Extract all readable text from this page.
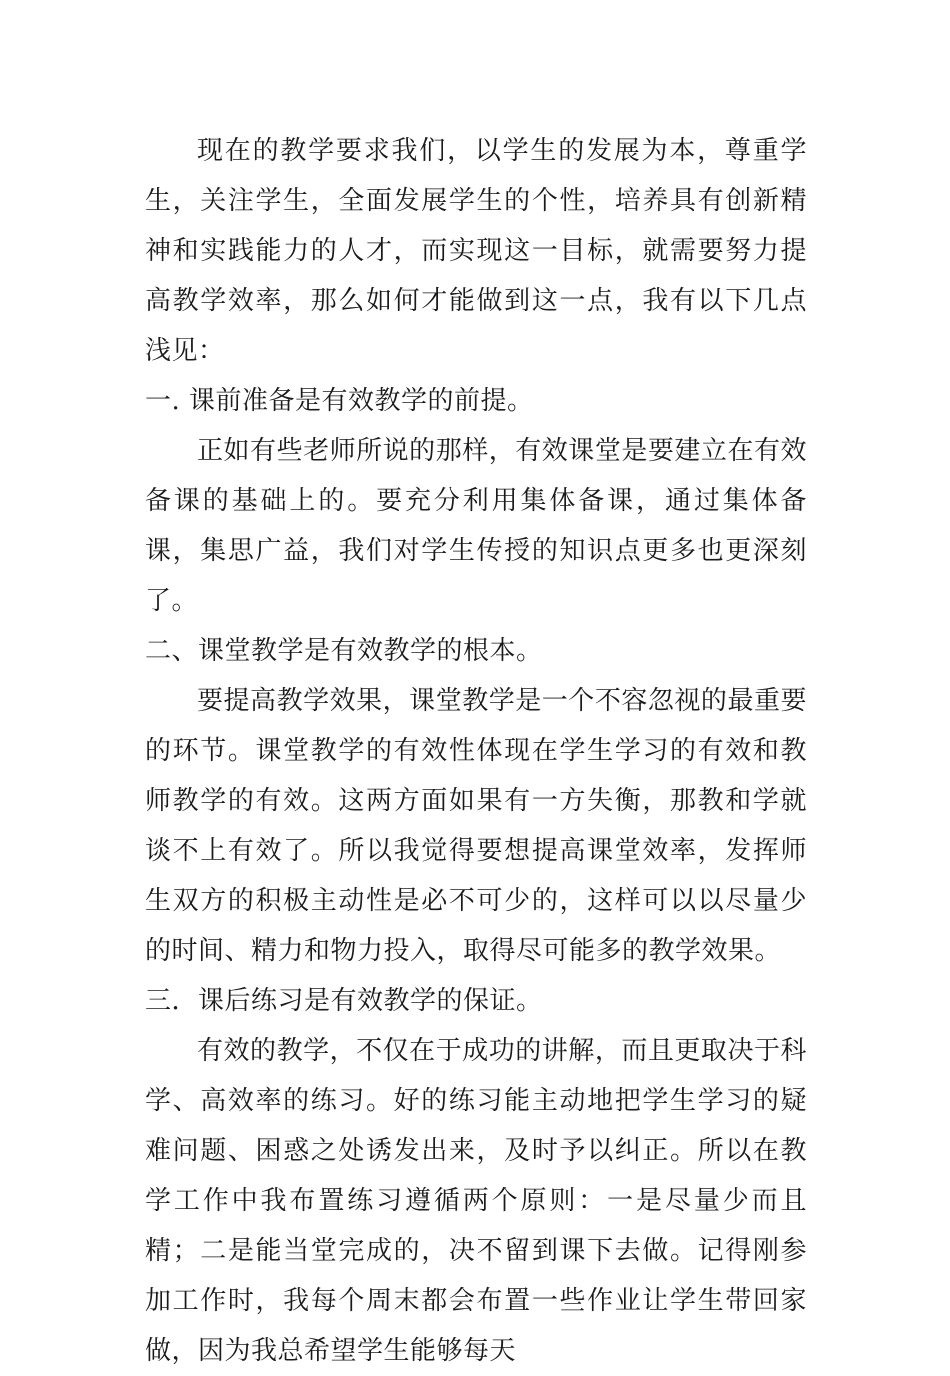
现在的教学要求我们，以学生的发展为本，尊重学生，关注学生，全面发展学生的个性，培养具有创新精神和实践能力的人才，而实现这一目标，就需要努力提高教学效率，那么如何才能做到这一点，我有以下几点浅见：

一. 课前准备是有效教学的前提。

正如有些老师所说的那样，有效课堂是要建立在有效备课的基础上的。要充分利用集体备课，通过集体备课，集思广益，我们对学生传授的知识点更多也更深刻了。

二、课堂教学是有效教学的根本。

要提高教学效果，课堂教学是一个不容忽视的最重要的环节。课堂教学的有效性体现在学生学习的有效和教师教学的有效。这两方面如果有一方失衡，那教和学就谈不上有效了。所以我觉得要想提高课堂效率，发挥师生双方的积极主动性是必不可少的，这样可以以尽量少的时间、精力和物力投入，取得尽可能多的教学效果。

三．课后练习是有效教学的保证。

有效的教学，不仅在于成功的讲解，而且更取决于科学、高效率的练习。好的练习能主动地把学生学习的疑难问题、困惑之处诱发出来，及时予以纠正。所以在教学工作中我布置练习遵循两个原则：一是尽量少而且精；二是能当堂完成的，决不留到课下去做。记得刚参加工作时，我每个周末都会布置一些作业让学生带回家做，因为我总希望学生能够每天
